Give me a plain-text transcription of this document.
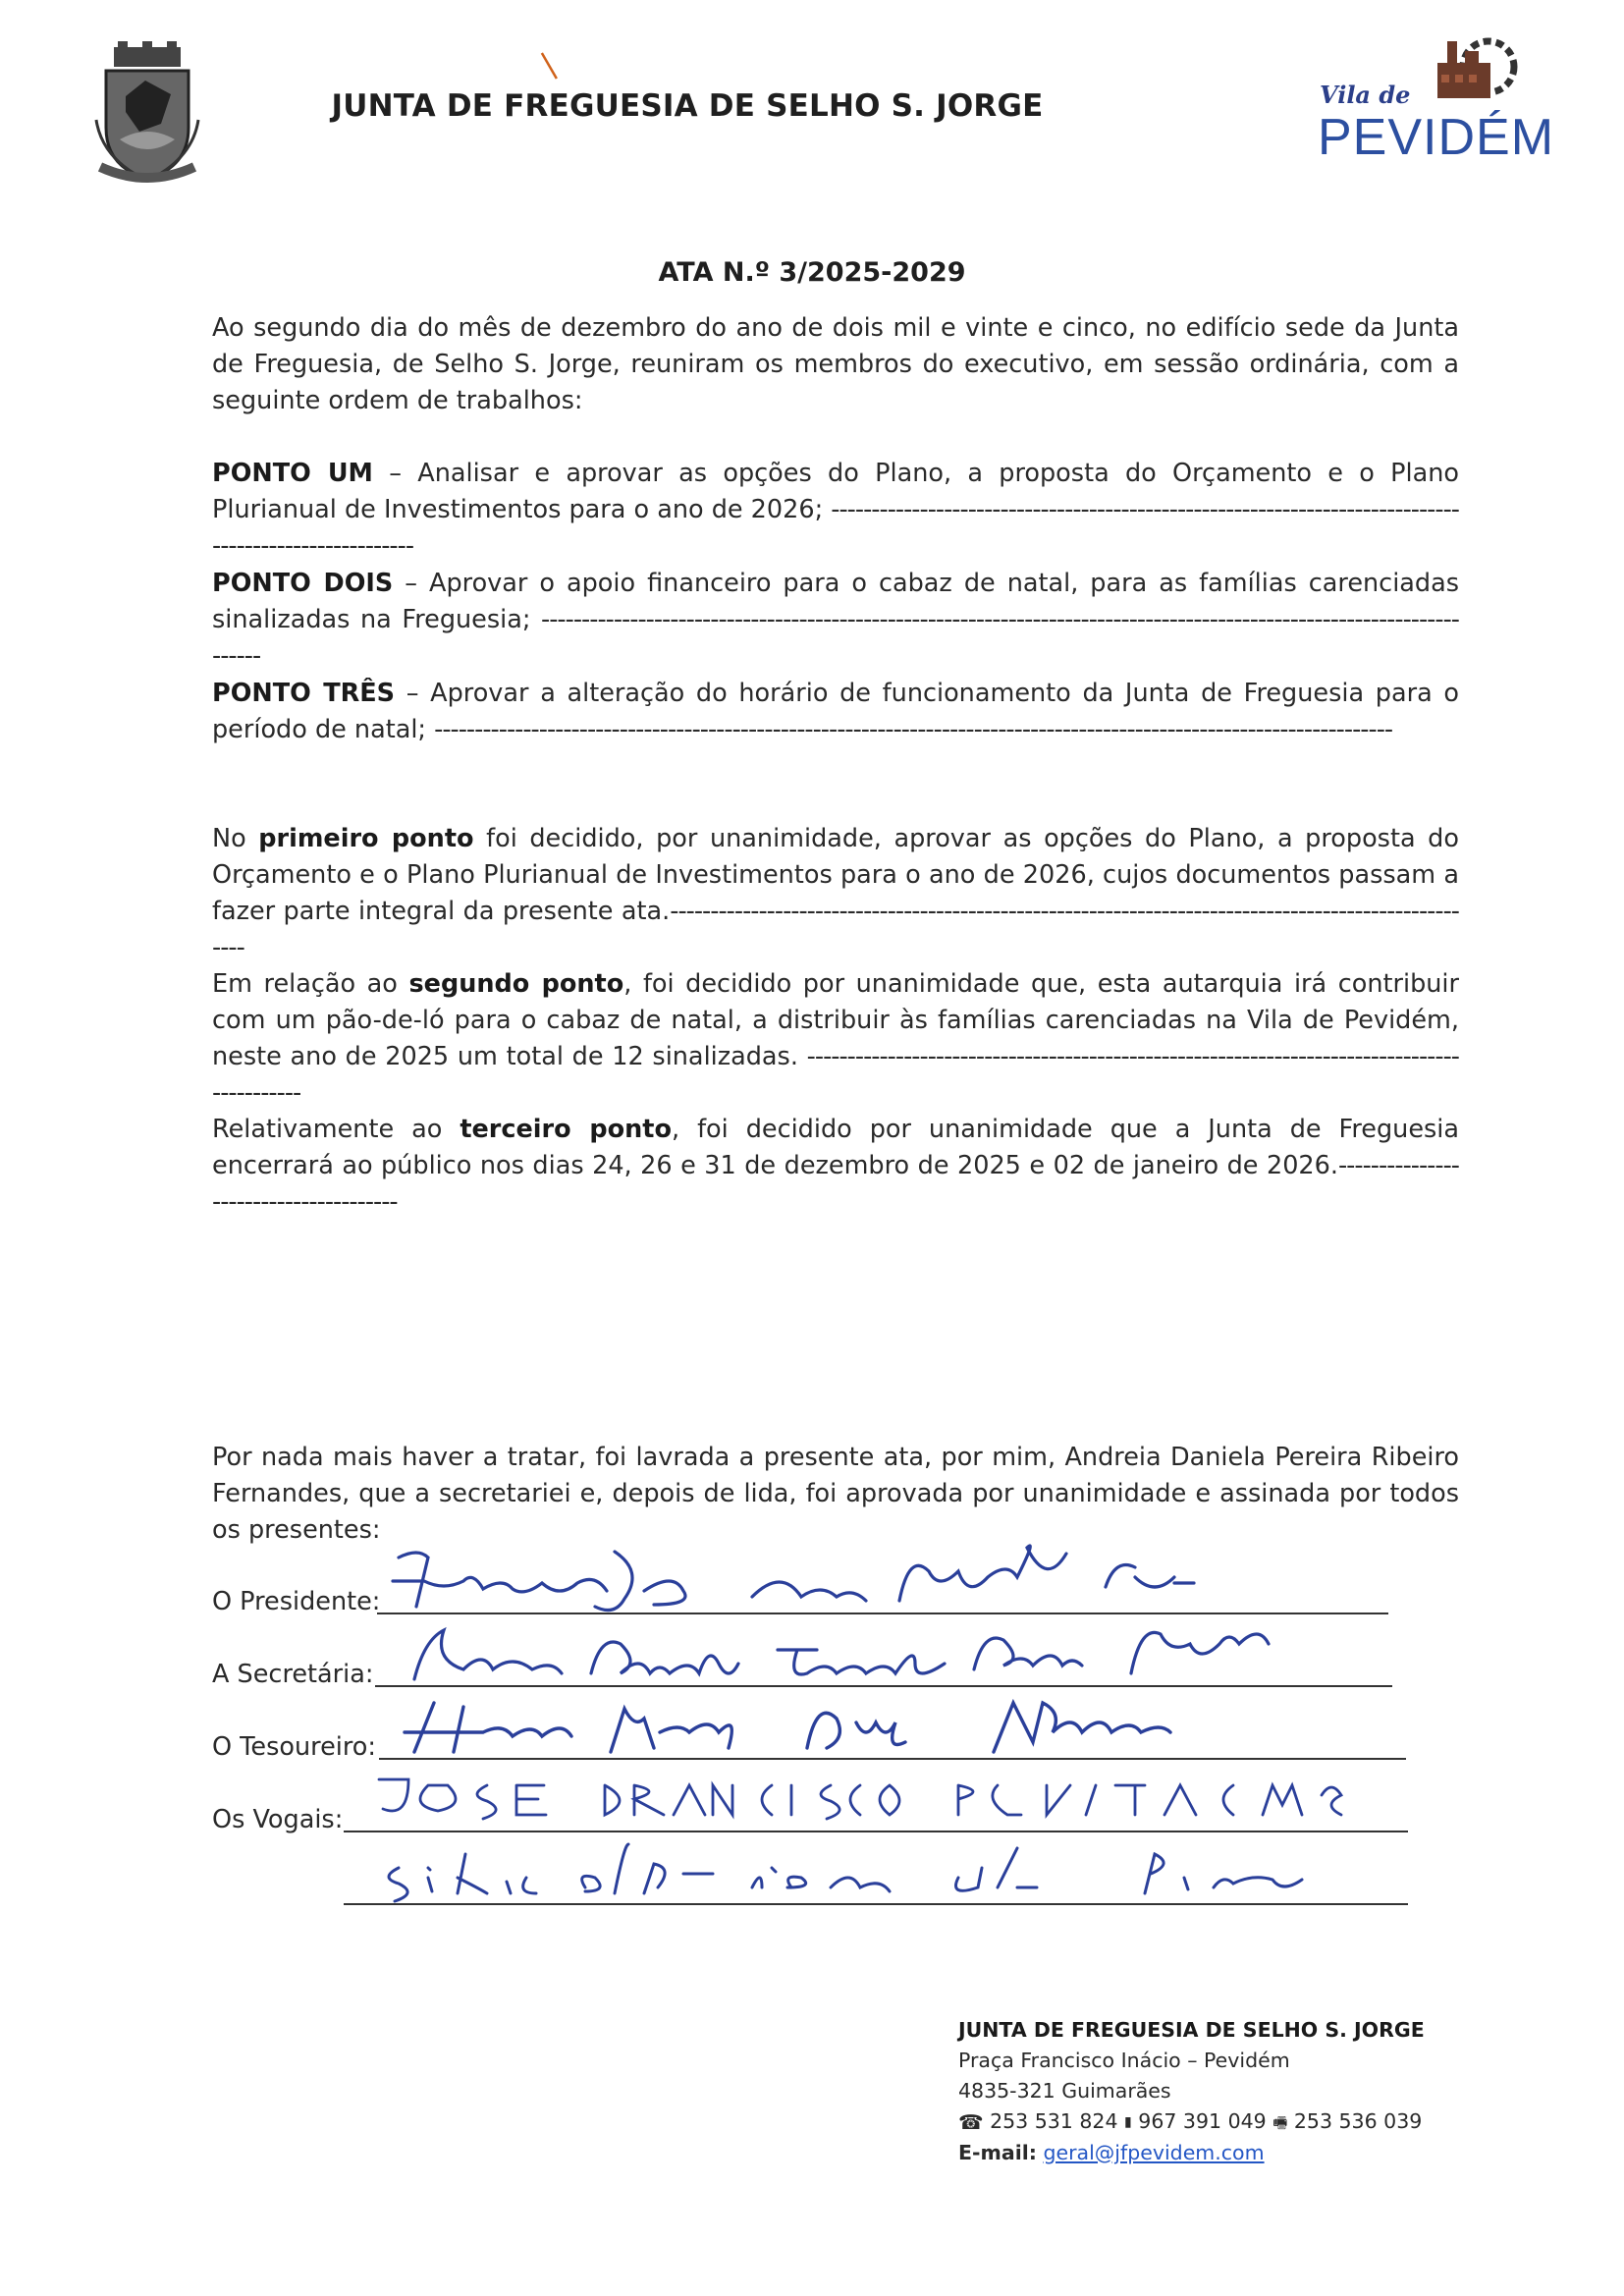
❘
JUNTA DE FREGUESIA DE SELHO S. JORGE	Vila de
PEVIDÉM
ATA N.º 3/2025-2029

Ao segundo dia do mês de dezembro do ano de dois mil e vinte e cinco, no edifício sede da Junta de Freguesia, de Selho S. Jorge, reuniram os membros do executivo, em sessão ordinária, com a seguinte ordem de trabalhos:

PONTO UM – Analisar e aprovar as opções do Plano, a proposta do Orçamento e o Plano Plurianual de Investimentos para o ano de 2026; -------------------------------------------------------------------------------------------------------

PONTO DOIS – Aprovar o apoio financeiro para o cabaz de natal, para as famílias carenciadas sinalizadas na Freguesia; ------------------------------------------------------------------------------------------------------------------------

PONTO TRÊS – Aprovar a alteração do horário de funcionamento da Junta de Freguesia para o período de natal; -----------------------------------------------------------------------------------------------------------------------

No primeiro ponto foi decidido, por unanimidade, aprovar as opções do Plano, a proposta do Orçamento e o Plano Plurianual de Investimentos para o ano de 2026, cujos documentos passam a fazer parte integral da presente ata.------------------------------------------------------------------------------------------------------

Em relação ao segundo ponto, foi decidido por unanimidade que, esta autarquia irá contribuir com um pão-de-ló para o cabaz de natal, a distribuir às famílias carenciadas na Vila de Pevidém, neste ano de 2025 um total de 12 sinalizadas. --------------------------------------------------------------------------------------------

Relativamente ao terceiro ponto, foi decidido por unanimidade que a Junta de Freguesia encerrará ao público nos dias 24, 26 e 31 de dezembro de 2025 e 02 de janeiro de 2026.--------------------------------------

Por nada mais haver a tratar, foi lavrada a presente ata, por mim, Andreia Daniela Pereira Ribeiro Fernandes, que a secretariei e, depois de lida, foi aprovada por unanimidade e assinada por todos os presentes:

O Presidente:
A Secretária:
O Tesoureiro:
Os Vogais:
JUNTA DE FREGUESIA DE SELHO S. JORGE
Praça Francisco Inácio – Pevidém
4835-321 Guimarães
☎ 253 531 824 ▮ 967 391 049 🖷 253 536 039
E-mail: geral@jfpevidem.com
